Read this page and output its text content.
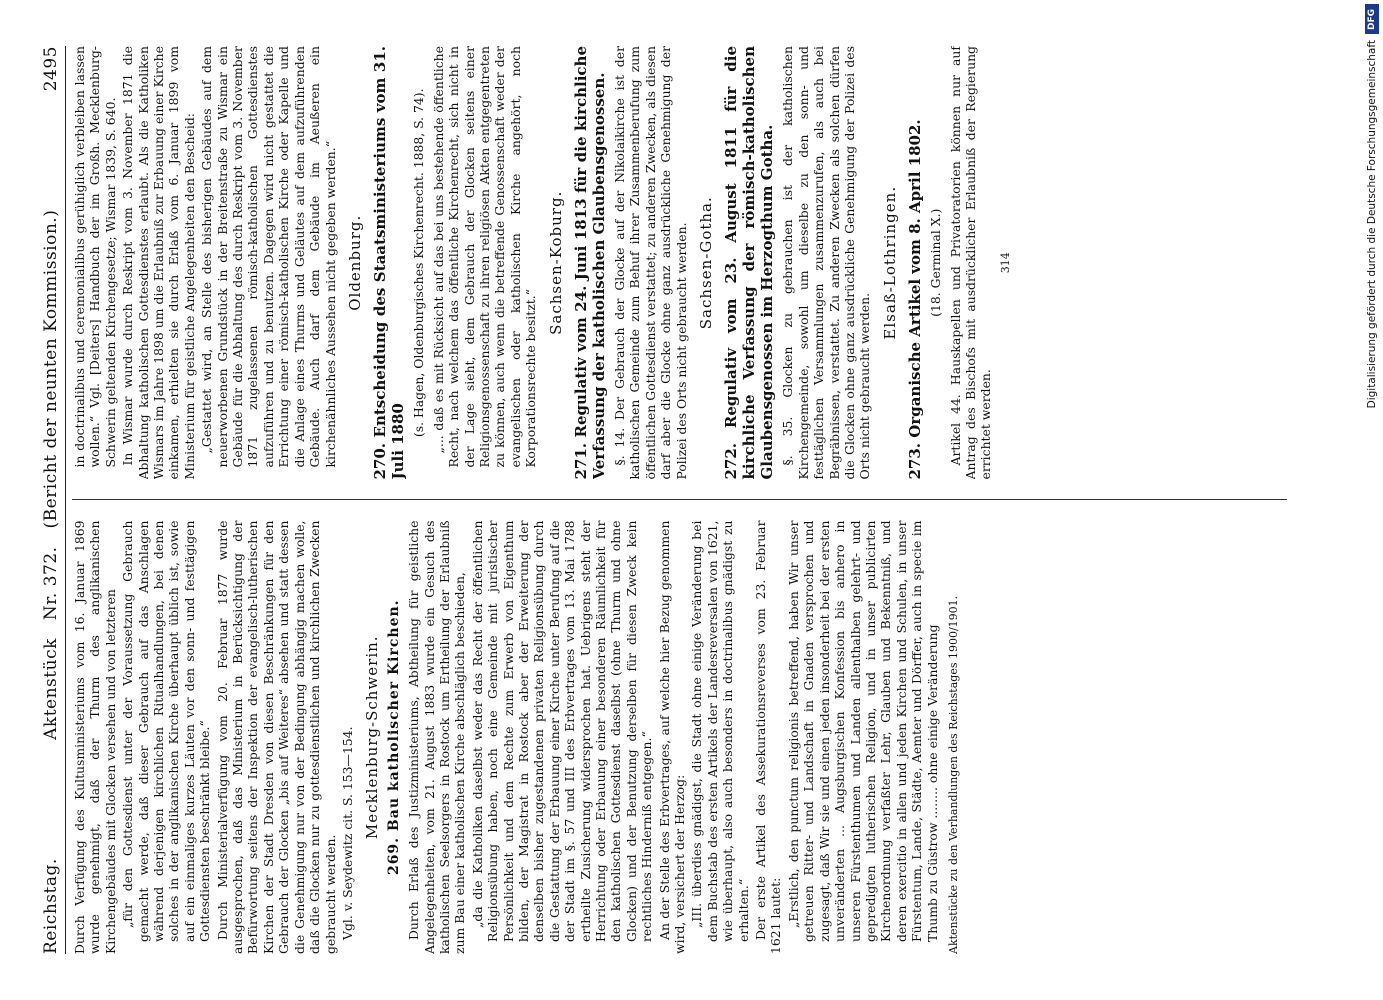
Reichstag.
Aktenstück Nr. 372. (Bericht der neunten Kommission.)
2495

Durch Verfügung des Kultusministeriums vom 16. Januar 1869 wurde genehmigt, daß der Thurm des anglikanischen Kirchengebäudes mit Glocken versehen und von letzteren „für den Gottesdienst unter der Voraussetzung Gebrauch gemacht werde, daß dieser Gebrauch auf das Anschlagen während derjenigen kirchlichen Ritualhandlungen, bei denen solches in der anglikanischen Kirche überhaupt üblich ist, sowie auf ein einmaliges kurzes Läuten vor den sonn- und festtägigen Gottesdiensten beschränkt bleibe.“ Durch Ministerialverfügung vom 20. Februar 1877 wurde ausgesprochen, daß das Ministerium in Berücksichtigung der Befürwortung seitens der Inspektion der evangelisch-lutherischen Kirchen der Stadt Dresden von diesen Beschränkungen für den Gebrauch der Glocken „bis auf Weiteres“ absehen und statt dessen die Genehmigung nur von der Bedingung abhängig machen wolle, daß die Glocken nur zu gottesdienstlichen und kirchlichen Zwecken gebraucht werden. Vgl. v. Seydewitz cit. S. 153—154. Mecklenburg-Schwerin. 269. Bau katholischer Kirchen. Durch Erlaß des Justizministeriums, Abtheilung für geistliche Angelegenheiten, vom 21. August 1883 wurde ein Gesuch des katholischen Seelsorgers in Rostock um Ertheilung der Erlaubniß zum Bau einer katholischen Kirche abschläglich beschieden, „da die Katholiken daselbst weder das Recht der öffentlichen Religionsübung haben, noch eine Gemeinde mit juristischer Persönlichkeit und dem Rechte zum Erwerb von Eigenthum bilden, der Magistrat in Rostock aber der Erweiterung der denselben bisher zugestandenen privaten Religionsübung durch die Gestattung der Erbauung einer Kirche unter Berufung auf die der Stadt im §. 57 und III des Erbvertrages vom 13. Mai 1788 ertheilte Zusicherung widersprochen hat. Uebrigens steht der Herrichtung oder Erbauung einer besonderen Räumlichkeit für den katholischen Gottesdienst daselbst (ohne Thurm und ohne Glocken) und der Benutzung derselben für diesen Zweck kein rechtliches Hinderniß entgegen.“ An der Stelle des Erbvertrages, auf welche hier Bezug genommen wird, versichert der Herzog: „III. überdies gnädigst, die Stadt ohne einige Veränderung bei dem Buchstab des ersten Artikels der Landesreversalen von 1621, wie überhaupt, also auch besonders in doctrinalibus gnädigst zu erhalten.“ Der erste Artikel des Assekurationsreverses vom 23. Februar 1621 lautet: „Erstlich, den punctum religionis betreffend, haben Wir unser getreuen Ritter- und Landschaft in Gnaden versprochen und zugesagt, daß Wir sie und einen jeden insonderheit bei der ersten unveränderten ... Augsburgischen Konfession bis anhero in unseren Fürstenthumen und Landen allenthalben gelehrt- und gepredigten lutherischen Religion, und in unser publicirten Kirchenordnung verfaßter Lehr, Glauben und Bekenntniß, und deren exercitio in allen und jeden Kirchen und Schulen, in unser Fürstentum, Lande, Städte, Aemter und Dörffer, auch in specie im Thumb zu Güstrow ........ ohne einige Veränderung Aktenstücke zu den Verhandlungen des Reichstages 1900/1901.

in doctrinalibus und ceremonialibus gerühiglich verbleiben lassen wollen.“ Vgl. [Deiters] Handbuch der im Großh. Mecklenburg-Schwerin geltenden Kirchengesetze; Wismar 1839, S. 640. In Wismar wurde durch Reskript vom 3. November 1871 die Abhaltung katholischen Gottesdienstes erlaubt. Als die Katholiken Wismars im Jahre 1898 um die Erlaubniß zur Erbauung einer Kirche einkamen, erhielten sie durch Erlaß vom 6. Januar 1899 vom Ministerium für geistliche Angelegenheiten den Bescheid: „Gestattet wird, an Stelle des bisherigen Gebäudes auf dem neuerworbenen Grundstück in der Breitenstraße zu Wismar ein Gebäude für die Abhaltung des durch Reskript vom 3. November 1871 zugelassenen römisch-katholischen Gottesdienstes aufzuführen und zu benutzen. Dagegen wird nicht gestattet die Errichtung einer römisch-katholischen Kirche oder Kapelle und die Anlage eines Thurms und Geläutes auf dem aufzuführenden Gebäude. Auch darf dem Gebäude im Aeußeren ein kirchenähnliches Aussehen nicht gegeben werden.“ Oldenburg. 270. Entscheidung des Staatsministeriums vom 31. Juli 1880
(s. Hagen, Oldenburgisches Kirchenrecht. 1888, S. 74). „... daß es mit Rücksicht auf das bei uns bestehende öffentliche Recht, nach welchem das öffentliche Kirchenrecht, sich nicht in der Lage sieht, dem Gebrauch der Glocken seitens einer Religionsgenossenschaft zu ihren religiösen Akten entgegentreten zu können, auch wenn die betreffende Genossenschaft weder der evangelischen oder katholischen Kirche angehört, noch Korporationsrechte besitzt.“

Sachsen-Koburg. 271. Regulativ vom 24. Juni 1813 für die kirchliche Verfassung der katholischen Glaubensgenossen. §. 14. Der Gebrauch der Glocke auf der Nikolaikirche ist der katholischen Gemeinde zum Behuf ihrer Zusammenberufung zum öffentlichen Gottesdienst verstattet; zu anderen Zwecken, als diesen darf aber die Glocke ohne ganz ausdrückliche Genehmigung der Polizei des Orts nicht gebraucht werden. Sachsen-Gotha. 272. Regulativ vom 23. August 1811 für die kirchliche Verfassung der römisch-katholischen Glaubensgenossen im Herzogthum Gotha. §. 35. Glocken zu gebrauchen ist der katholischen Kirchengemeinde, sowohl um dieselbe zu den sonn- und festtäglichen Versammlungen zusammenzurufen, als auch bei Begräbnissen, verstattet. Zu anderen Zwecken als solchen dürfen die Glocken ohne ganz ausdrückliche Genehmigung der Polizei des Orts nicht gebraucht werden.

Elsaß-Lothringen. 273. Organische Artikel vom 8. April 1802. (18. Germinal X.) Artikel 44. Hauskapellen und Privatoratorien können nur auf Antrag des Bischofs mit ausdrücklicher Erlaubniß der Regierung errichtet werden.

314
DFG
Digitalisierung gefördert durch die Deutsche Forschungsgemeinschaft
